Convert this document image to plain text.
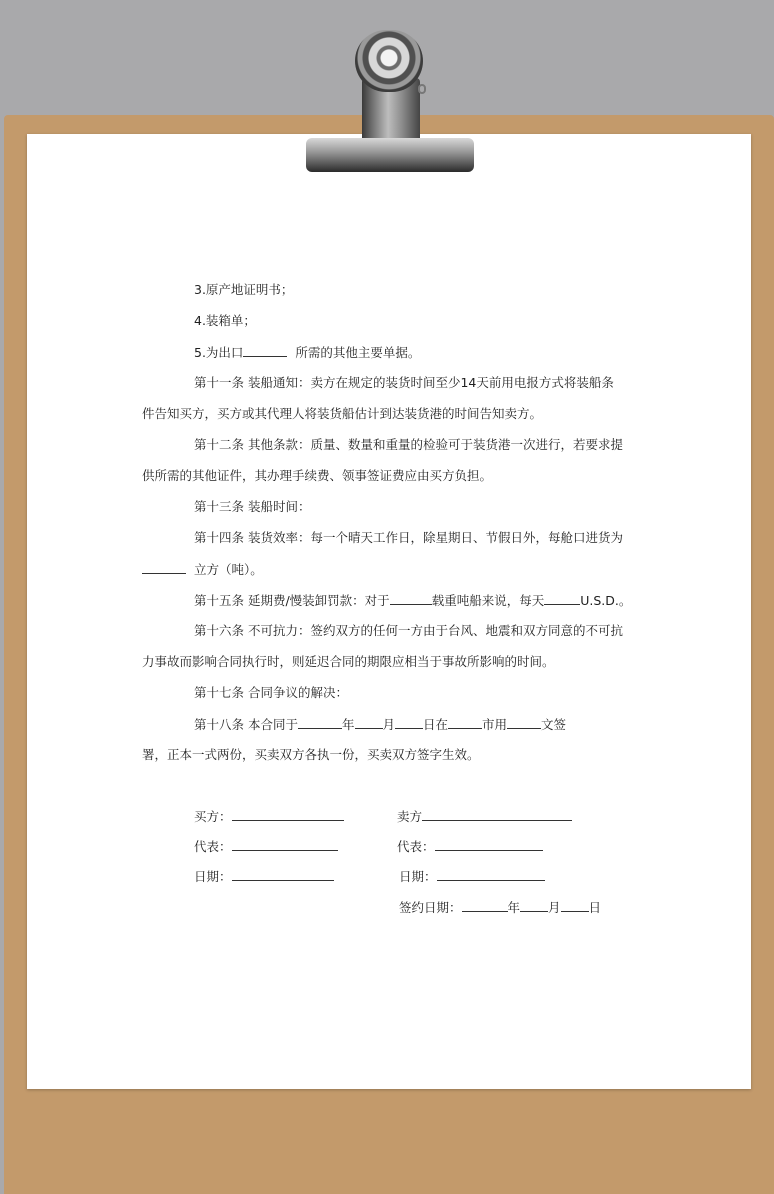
3.原产地证明书；
4.装箱单；
5.为出口	所需的其他主要单据。
第十一条 装船通知：卖方在规定的装货时间至少14天前用电报方式将装船条
件告知买方，买方或其代理人将装货船估计到达装货港的时间告知卖方。
第十二条 其他条款：质量、数量和重量的检验可于装货港一次进行，若要求提
供所需的其他证件，其办理手续费、领事签证费应由买方负担。
第十三条 装船时间：
第十四条 装货效率：每一个晴天工作日，除星期日、节假日外，每舱口进货为
立方（吨）。
第十五条 延期费/慢装卸罚款：对于	载重吨船来说，每天	U.S.D.。
第十六条 不可抗力：签约双方的任何一方由于台风、地震和双方同意的不可抗
力事故而影响合同执行时，则延迟合同的期限应相当于事故所影响的时间。
第十七条 合同争议的解决：
第十八条 本合同于	年 月 日在	市用	文签
署，正本一式两份，买卖双方各执一份，买卖双方签字生效。
买方：	卖方
代表：	代表：
日期：	日期：
签约日期：	年 月 日
